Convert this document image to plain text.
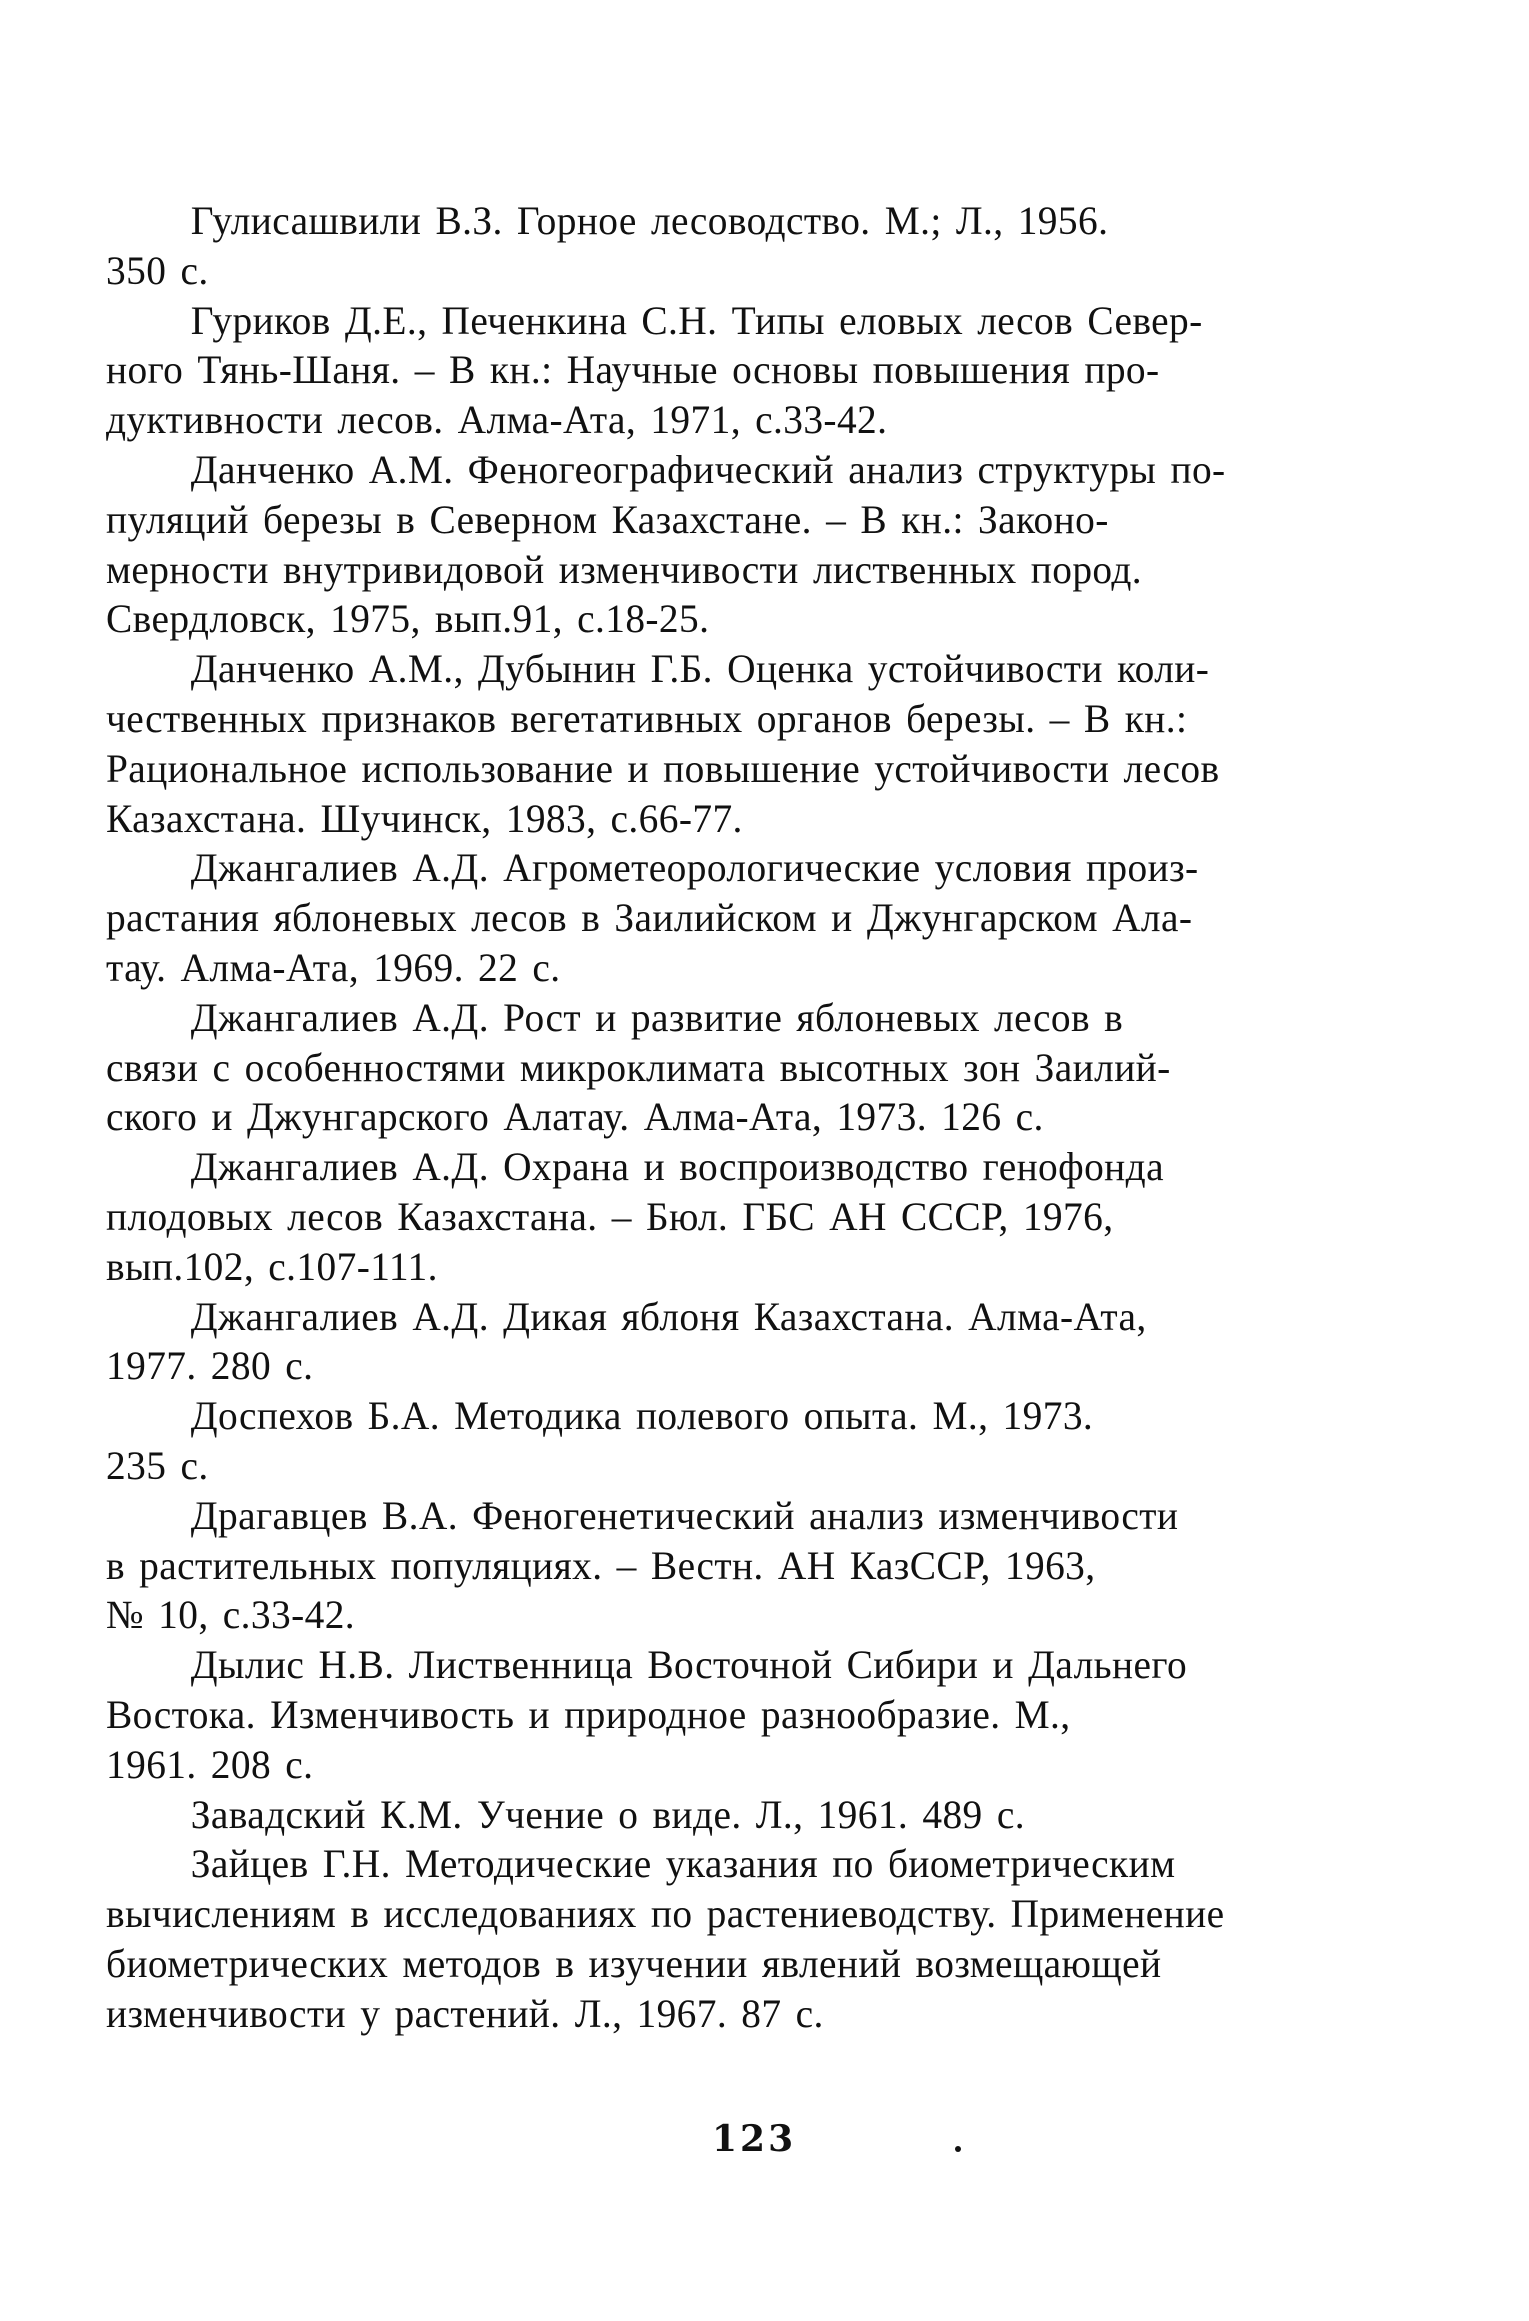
Гулисашвили В.З. Горное лесоводство. М.; Л., 1956.
350 с.

Гуриков Д.Е., Печенкина С.Н. Типы еловых лесов Север-
ного Тянь-Шаня. – В кн.: Научные основы повышения про-
дуктивности лесов. Алма-Ата, 1971, с.33-42.

Данченко А.М. Феногеографический анализ структуры по-
пуляций березы в Северном Казахстане. – В кн.: Законо-
мерности внутривидовой изменчивости лиственных пород.
Свердловск, 1975, вып.91, с.18-25.

Данченко А.М., Дубынин Г.Б. Оценка устойчивости коли-
чественных признаков вегетативных органов березы. – В кн.:
Рациональное использование и повышение устойчивости лесов
Казахстана. Шучинск, 1983, с.66-77.

Джангалиев А.Д. Агрометеорологические условия произ-
растания яблоневых лесов в Заилийском и Джунгарском Ала-
тау. Алма-Ата, 1969. 22 с.

Джангалиев А.Д. Рост и развитие яблоневых лесов в
связи с особенностями микроклимата высотных зон Заилий-
ского и Джунгарского Алатау. Алма-Ата, 1973. 126 с.

Джангалиев А.Д. Охрана и воспроизводство генофонда
плодовых лесов Казахстана. – Бюл. ГБС АН СССР, 1976,
вып.102, с.107-111.

Джангалиев А.Д. Дикая яблоня Казахстана. Алма-Ата,
1977. 280 с.

Доспехов Б.А. Методика полевого опыта. М., 1973.
235 с.

Драгавцев В.А. Феногенетический анализ изменчивости
в растительных популяциях. – Вестн. АН КазССР, 1963,
№ 10, с.33-42.

Дылис Н.В. Лиственница Восточной Сибири и Дальнего
Востока. Изменчивость и природное разнообразие. М.,
1961. 208 с.

Завадский К.М. Учение о виде. Л., 1961. 489 с.

Зайцев Г.Н. Методические указания по биометрическим
вычислениям в исследованиях по растениеводству. Применение
биометрических методов в изучении явлений возмещающей
изменчивости у растений. Л., 1967. 87 с.

123
